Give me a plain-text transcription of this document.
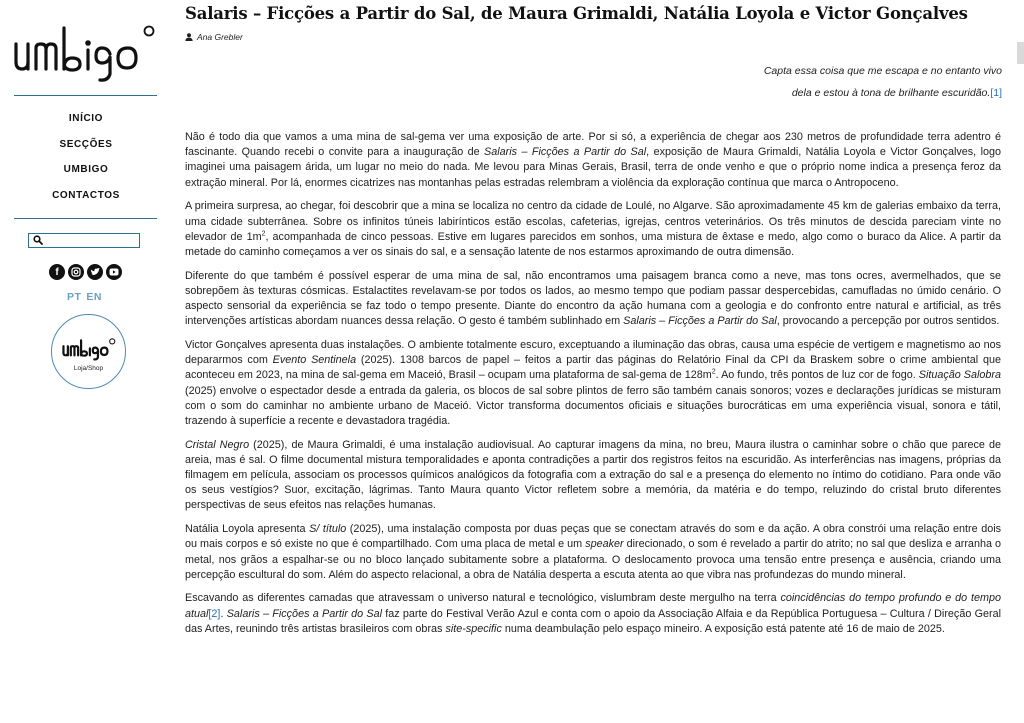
INÍCIO
SECÇÕES
UMBIGO
CONTACTOS
f
PT EN
Loja/Shop
Salaris – Ficções a Partir do Sal, de Maura Grimaldi, Natália Loyola e Victor Gonçalves
Ana Grebler
Capta essa coisa que me escapa e no entanto vivo
dela e estou à tona de brilhante escuridão.[1]

Não é todo dia que vamos a uma mina de sal-gema ver uma exposição de arte. Por si só, a experiência de chegar aos 230 metros de profundidade terra adentro é fascinante. Quando recebi o convite para a inauguração de Salaris – Ficções a Partir do Sal, exposição de Maura Grimaldi, Natália Loyola e Victor Gonçalves, logo imaginei uma paisagem árida, um lugar no meio do nada. Me levou para Minas Gerais, Brasil, terra de onde venho e que o próprio nome indica a presença feroz da extração mineral. Por lá, enormes cicatrizes nas montanhas pelas estradas relembram a violência da exploração contínua que marca o Antropoceno.

A primeira surpresa, ao chegar, foi descobrir que a mina se localiza no centro da cidade de Loulé, no Algarve. São aproximadamente 45 km de galerias embaixo da terra, uma cidade subterrânea. Sobre os infinitos túneis labirínticos estão escolas, cafeterias, igrejas, centros veterinários. Os três minutos de descida pareciam vinte no elevador de $1m^2$, acompanhada de cinco pessoas. Estive em lugares parecidos em sonhos, uma mistura de êxtase e medo, algo como o buraco da Alice. A partir da metade do caminho começamos a ver os sinais do sal, e a sensação latente de nos estarmos aproximando de outra dimensão.

Diferente do que também é possível esperar de uma mina de sal, não encontramos uma paisagem branca como a neve, mas tons ocres, avermelhados, que se sobrepõem às texturas cósmicas. Estalactites revelavam-se por todos os lados, ao mesmo tempo que podiam passar despercebidas, camufladas no úmido cenário. O aspecto sensorial da experiência se faz todo o tempo presente. Diante do encontro da ação humana com a geologia e do confronto entre natural e artificial, as três intervenções artísticas abordam nuances dessa relação. O gesto é também sublinhado em Salaris – Ficções a Partir do Sal, provocando a percepção por outros sentidos.

Victor Gonçalves apresenta duas instalações. O ambiente totalmente escuro, exceptuando a iluminação das obras, causa uma espécie de vertigem e magnetismo ao nos depararmos com Evento Sentinela (2025). 1308 barcos de papel – feitos a partir das páginas do Relatório Final da CPI da Braskem sobre o crime ambiental que aconteceu em 2023, na mina de sal-gema em Maceió, Brasil – ocupam uma plataforma de sal-gema de $128m^2$. Ao fundo, três pontos de luz cor de fogo. Situação Salobra (2025) envolve o espectador desde a entrada da galeria, os blocos de sal sobre plintos de ferro são também canais sonoros; vozes e declarações jurídicas se misturam com o som do caminhar no ambiente urbano de Maceió. Victor transforma documentos oficiais e situações burocráticas em uma experiência visual, sonora e tátil, trazendo à superfície a recente e devastadora tragédia.

Cristal Negro (2025), de Maura Grimaldi, é uma instalação audiovisual. Ao capturar imagens da mina, no breu, Maura ilustra o caminhar sobre o chão que parece de areia, mas é sal. O filme documental mistura temporalidades e aponta contradições a partir dos registros feitos na escuridão. As interferências nas imagens, próprias da filmagem em película, associam os processos químicos analógicos da fotografia com a extração do sal e a presença do elemento no íntimo do cotidiano. Para onde vão os seus vestígios? Suor, excitação, lágrimas. Tanto Maura quanto Victor refletem sobre a memória, da matéria e do tempo, reluzindo do cristal bruto diferentes perspectivas de seus efeitos nas relações humanas.

Natália Loyola apresenta S/ título (2025), uma instalação composta por duas peças que se conectam através do som e da ação. A obra constrói uma relação entre dois ou mais corpos e só existe no que é compartilhado. Com uma placa de metal e um speaker direcionado, o som é revelado a partir do atrito; no sal que desliza e arranha o metal, nos grãos a espalhar-se ou no bloco lançado subitamente sobre a plataforma. O deslocamento provoca uma tensão entre presença e ausência, criando uma percepção escultural do som. Além do aspecto relacional, a obra de Natália desperta a escuta atenta ao que vibra nas profundezas do mundo mineral.

Escavando as diferentes camadas que atravessam o universo natural e tecnológico, vislumbram deste mergulho na terra coincidências do tempo profundo e do tempo atual[2]. Salaris – Ficções a Partir do Sal faz parte do Festival Verão Azul e conta com o apoio da Associação Alfaia e da República Portuguesa – Cultura / Direção Geral das Artes, reunindo três artistas brasileiros com obras site-specific numa deambulação pelo espaço mineiro. A exposição está patente até 16 de maio de 2025.
